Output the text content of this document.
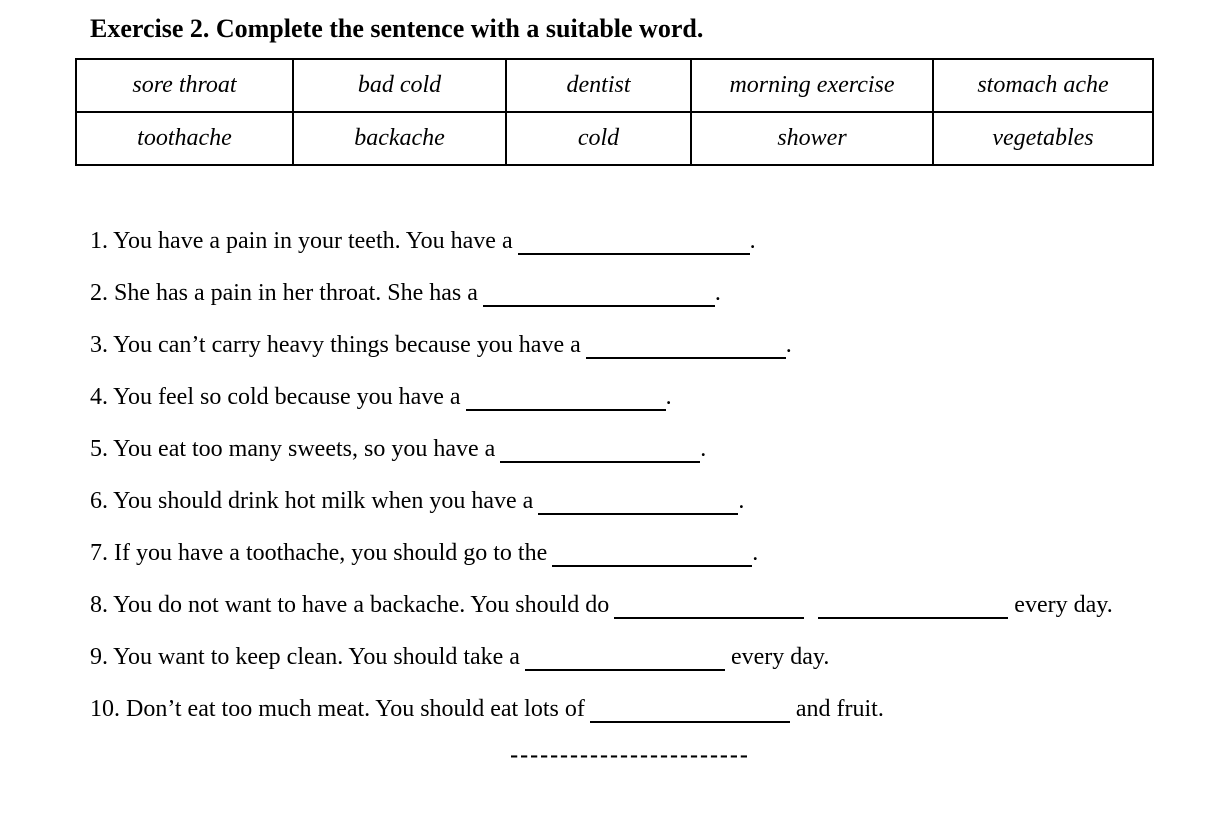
Exercise 2. Complete the sentence with a suitable word.
sore throat	bad cold	dentist	morning exercise	stomach ache
toothache	backache	cold	shower	vegetables

1. You have a pain in your teeth. You have a	.

2. She has a pain in her throat. She has a	.

3. You can’t carry heavy things because you have a	.

4. You feel so cold because you have a	.

5. You eat too many sweets, so you have a	.

6. You should drink hot milk when you have a	.

7. If you have a toothache, you should go to the	.

8. You do not want to have a backache. You should do	every day.

9. You want to keep clean. You should take a	every day.

10. Don’t eat too much meat. You should eat lots of	and fruit.

------------------------
